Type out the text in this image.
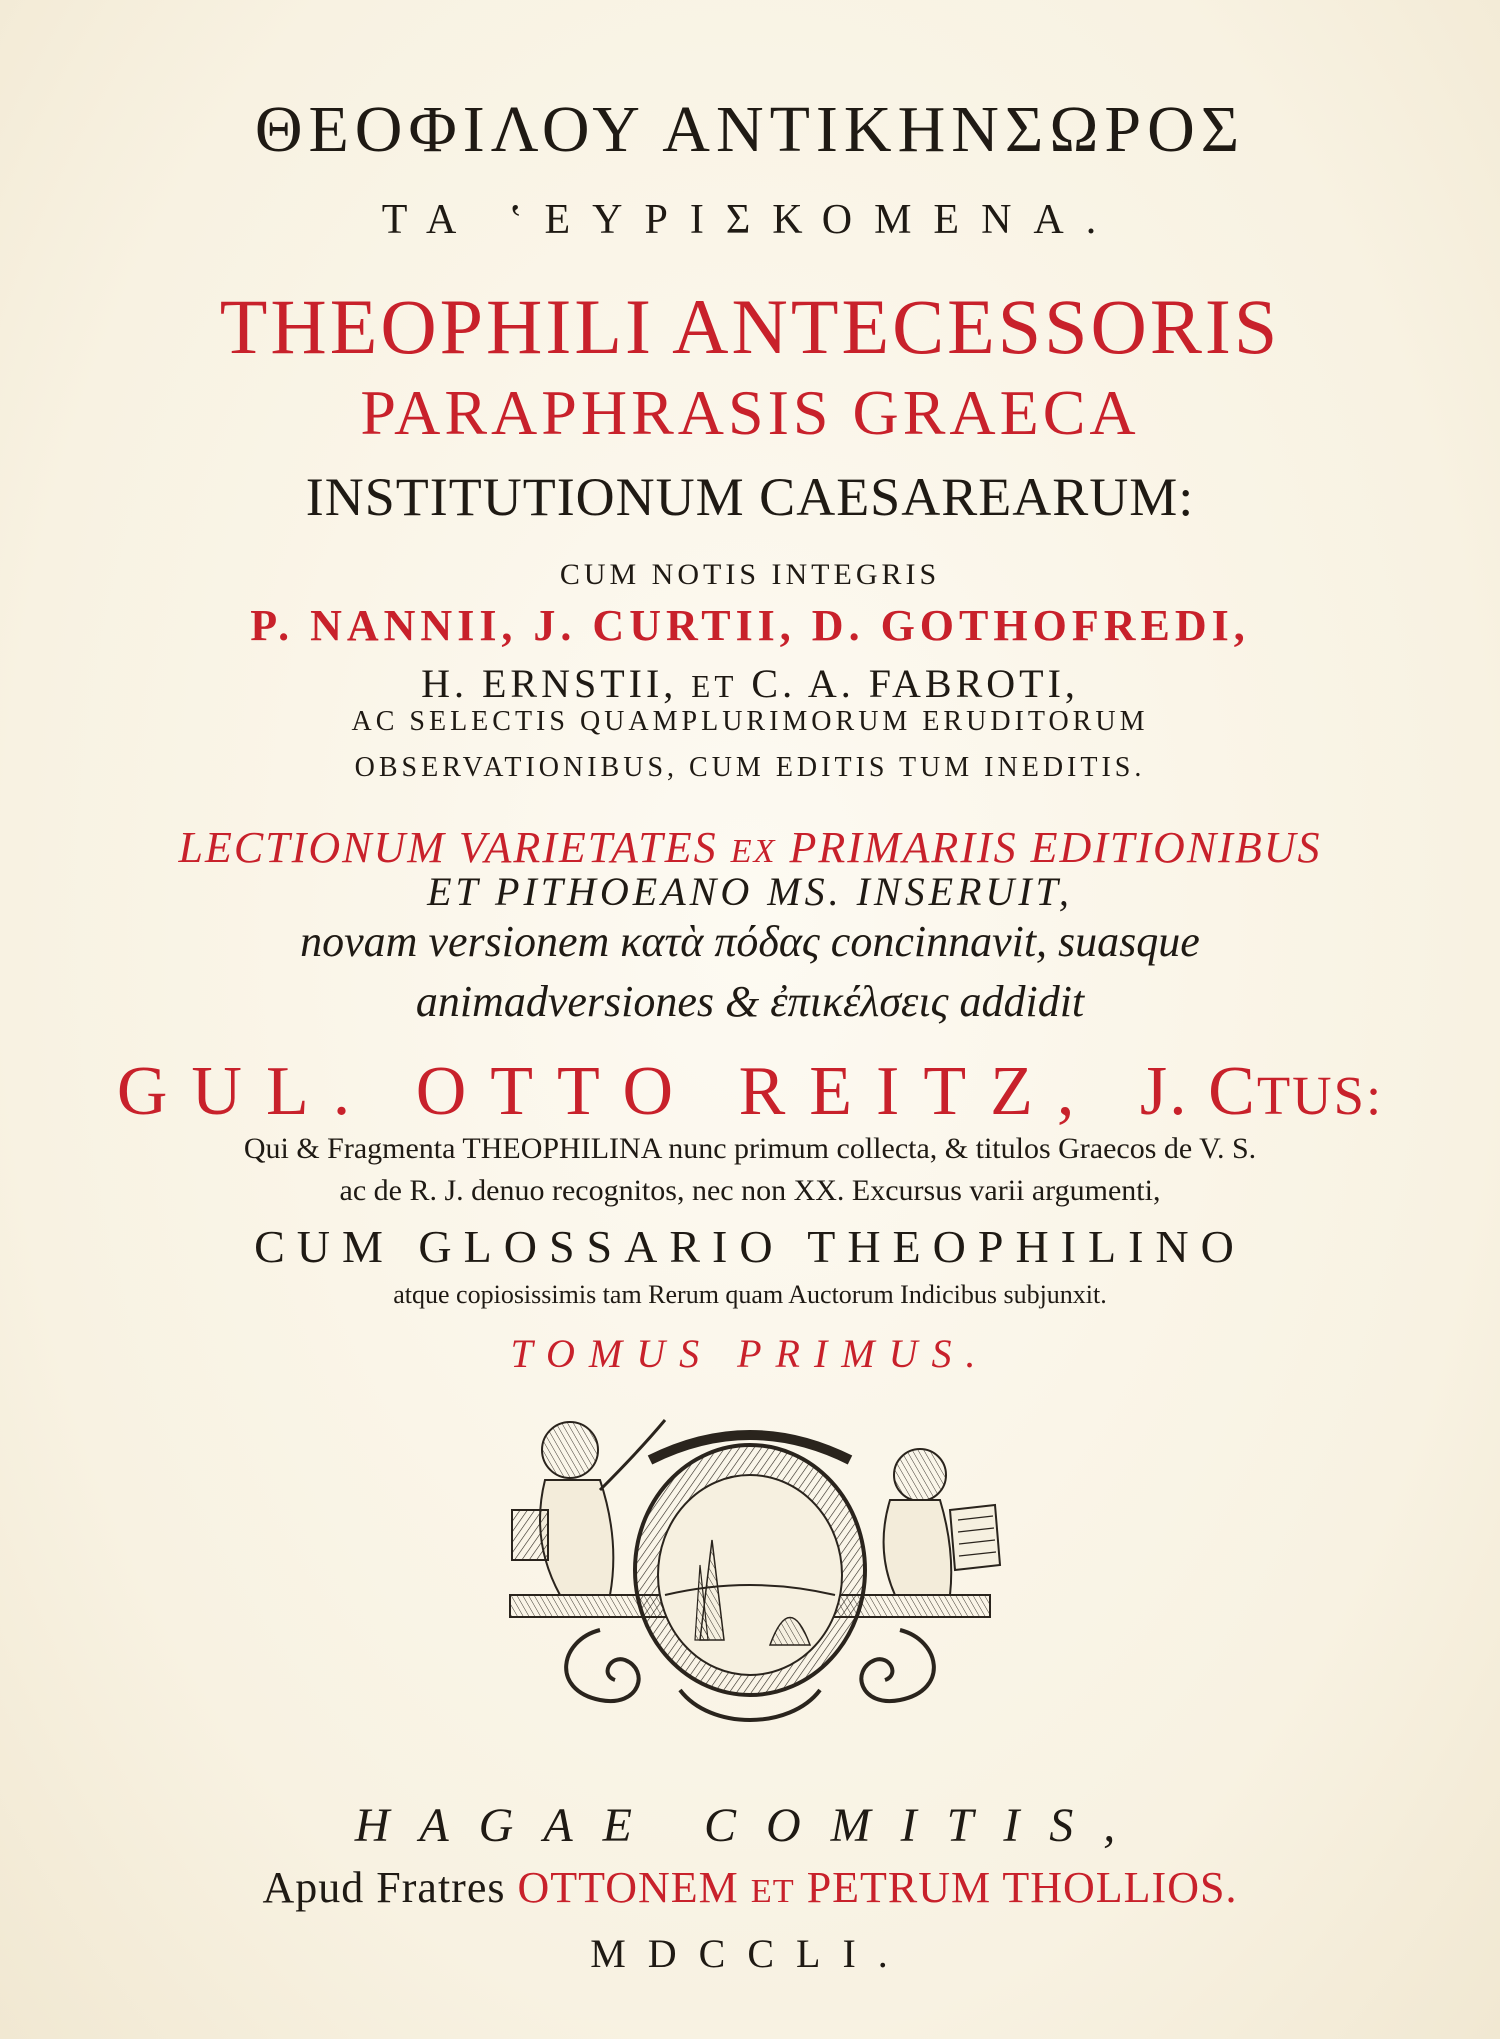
ΘΕΟΦΙΛΟΥ ΑΝΤΙΚΗΝΣΩΡΟΣ
ΤΑ ʽΕΥΡΙΣΚΟΜΕΝΑ.
THEOPHILI ANTECESSORIS
PARAPHRASIS GRAECA
INSTITUTIONUM CAESAREARUM:
CUM NOTIS INTEGRIS
P. NANNII, J. CURTII, D. GOTHOFREDI,
H. ERNSTII, ET C. A. FABROTI,
AC SELECTIS QUAMPLURIMORUM ERUDITORUM
OBSERVATIONIBUS, CUM EDITIS TUM INEDITIS.
LECTIONUM VARIETATES EX PRIMARIIS EDITIONIBUS
ET PITHOEANO MS. INSERUIT,
novam versionem κατὰ πόδας concinnavit, suasque
animadversiones & ἐπικέλσεις addidit
GUL. OTTO REITZ, J. CTUS:
Qui & Fragmenta THEOPHILINA nunc primum collecta, & titulos Graecos de V. S.
ac de R. J. denuo recognitos, nec non XX. Excursus varii argumenti,
CUM GLOSSARIO THEOPHILINO
atque copiosissimis tam Rerum quam Auctorum Indicibus subjunxit.
TOMUS PRIMUS.
HAGAE COMITIS,
Apud Fratres OTTONEM ET PETRUM THOLLIOS.
MDCCLI.
